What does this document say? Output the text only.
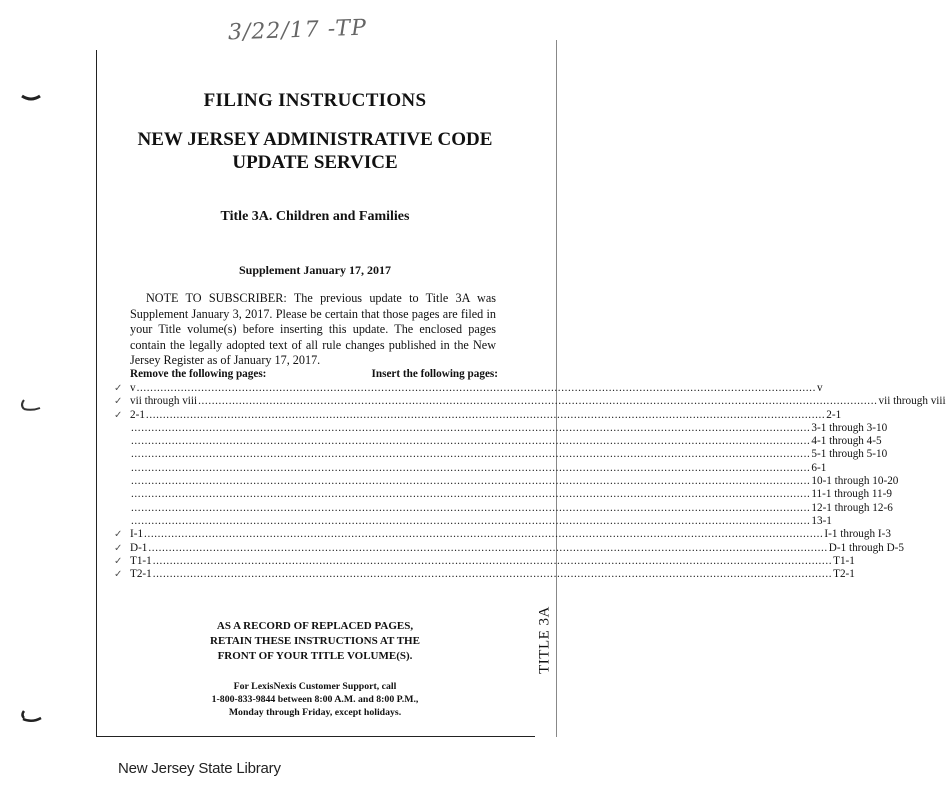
3/22/17 -TP
TITLE 3A
FILING INSTRUCTIONS
NEW JERSEY ADMINISTRATIVE CODE
UPDATE SERVICE
Title 3A. Children and Families
Supplement January 17, 2017
NOTE TO SUBSCRIBER: The previous update to Title 3A was Supplement January 3, 2017. Please be certain that those pages are filed in your Title volume(s) before inserting this update. The enclosed pages contain the legally adopted text of all rule changes published in the New Jersey Register as of January 17, 2017.
Remove the following pages:	Insert the following pages:
v ........................................................................................................................................................................................................ v
✓
vii through viii ........................................................................................................................................................................................................ vii through viii
✓
2-1 ........................................................................................................................................................................................................ 2-1
✓
........................................................................................................................................................................................................ 3-1 through 3-10
........................................................................................................................................................................................................ 4-1 through 4-5
........................................................................................................................................................................................................ 5-1 through 5-10
........................................................................................................................................................................................................ 6-1
........................................................................................................................................................................................................ 10-1 through 10-20
........................................................................................................................................................................................................ 11-1 through 11-9
........................................................................................................................................................................................................ 12-1 through 12-6
........................................................................................................................................................................................................ 13-1
I-1 ........................................................................................................................................................................................................ I-1 through I-3
✓
D-1 ........................................................................................................................................................................................................ D-1 through D-5
✓
T1-1 ........................................................................................................................................................................................................ T1-1
✓
T2-1 ........................................................................................................................................................................................................ T2-1
✓
AS A RECORD OF REPLACED PAGES,
RETAIN THESE INSTRUCTIONS AT THE
FRONT OF YOUR TITLE VOLUME(S).
For LexisNexis Customer Support, call
1-800-833-9844 between 8:00 A.M. and 8:00 P.M.,
Monday through Friday, except holidays.
New Jersey State Library
